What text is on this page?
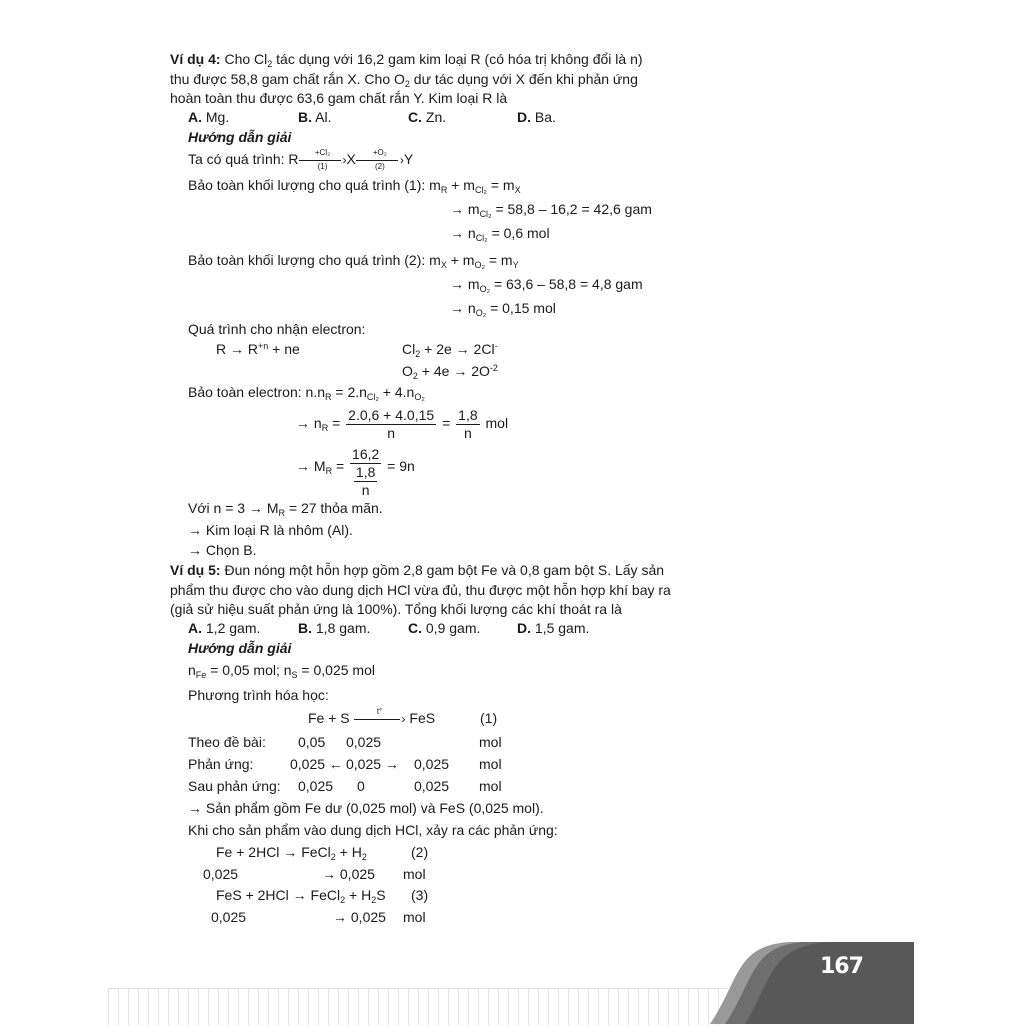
Ví dụ 4: Cho $Cl_2$ tác dụng với 16,2 gam kim loại R (có hóa trị không đổi là n)
thu được 58,8 gam chất rắn X. Cho $O_2$ dư tác dụng với X đến khi phản ứng
hoàn toàn thu được 63,6 gam chất rắn Y. Kim loại R là
A. Mg.	B. Al.	C. Zn.	D. Ba.
Hướng dẫn giải
Ta có quá trình: R	+Cl₂
›
(1)	X	+O₂
›
(2)	Y
Bảo toàn khối lượng cho quá trình (1): $m_R + m_{Cl_2} = m_X$
→ $m_{Cl_2} = 58,8 - 16,2 = 42,6$ gam
→ $n_{Cl_2} = 0,6$ mol
Bảo toàn khối lượng cho quá trình (2): $m_X + m_{O_2} = m_Y$
→ $m_{O_2} = 63,6 - 58,8 = 4,8$ gam
→ $n_{O_2} = 0,15$ mol
Quá trình cho nhận electron:
$R \to R^{+n}$ + ne	$Cl_2 + 2e \to 2Cl^-$
$O_2 + 4e \to 2O^{-2}$
Bảo toàn electron: $n.n_R = 2.n_{Cl_2} + 4.n_{O_2}$
→ $n_R = \frac{2.0,6 + 4.0,15}{n} = \frac{1,8}{n}$ mol
→ $M_R = \frac{16,2}{\frac{1,8}{n}} = 9n$
Với $n = 3 \to M_R = 27$ thỏa mãn.
→ Kim loại R là nhôm (Al).
→ Chọn B.
Ví dụ 5: Đun nóng một hỗn hợp gồm 2,8 gam bột Fe và 0,8 gam bột S. Lấy sản
phẩm thu được cho vào dung dịch HCl vừa đủ, thu được một hỗn hợp khí bay ra
(giả sử hiệu suất phản ứng là 100%). Tổng khối lượng các khí thoát ra là
A. 1,2 gam.	B. 1,8 gam.	C. 0,9 gam.	D. 1,5 gam.
Hướng dẫn giải
$n_{Fe} = 0,05$ mol; $n_S = 0,025$ mol
Phương trình hóa học:
Fe + S	t°
› FeS	(1)
Theo đề bài: 0,05 0,025	mol
Phản ứng:	0,025 ← 0,025 → 0,025 mol
Sau phản ứng: 0,025 0	0,025 mol
→ Sản phẩm gồm Fe dư (0,025 mol) và FeS (0,025 mol).
Khi cho sản phẩm vào dung dịch HCl, xảy ra các phản ứng:
Fe + 2HCl → FeCl$_2$ + $H_2$	(2)
0,025	→ 0,025 mol
FeS + 2HCl → FeCl$_2$ + $H_2S$ (3)
0,025	→ 0,025 mol
167
